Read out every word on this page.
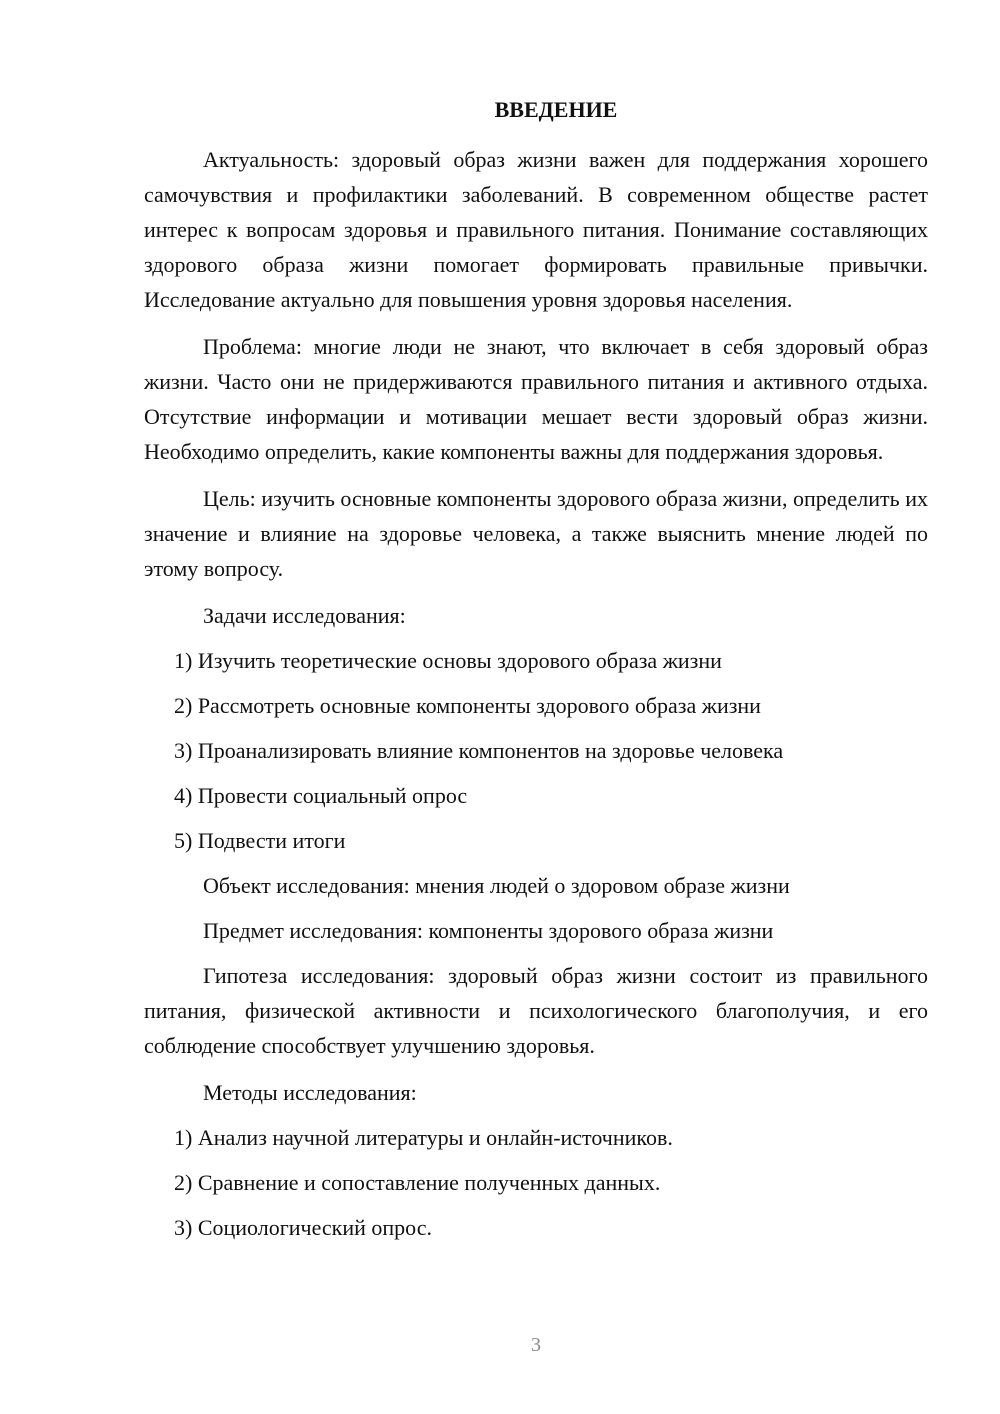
ВВЕДЕНИЕ

Актуальность: здоровый образ жизни важен для поддержания хорошего самочувствия и профилактики заболеваний. В современном обществе растет интерес к вопросам здоровья и правильного питания. Понимание составляющих здорового образа жизни помогает формировать правильные привычки. Исследование актуально для повышения уровня здоровья населения.

Проблема: многие люди не знают, что включает в себя здоровый образ жизни. Часто они не придерживаются правильного питания и активного отдыха. Отсутствие информации и мотивации мешает вести здоровый образ жизни. Необходимо определить, какие компоненты важны для поддержания здоровья.

Цель: изучить основные компоненты здорового образа жизни, определить их значение и влияние на здоровье человека, а также выяснить мнение людей по этому вопросу.

Задачи исследования:
1) Изучить теоретические основы здорового образа жизни
2) Рассмотреть основные компоненты здорового образа жизни
3) Проанализировать влияние компонентов на здоровье человека
4) Провести социальный опрос
5) Подвести итоги
Объект исследования: мнения людей о здоровом образе жизни
Предмет исследования: компоненты здорового образа жизни

Гипотеза исследования: здоровый образ жизни состоит из правильного питания, физической активности и психологического благополучия, и его соблюдение способствует улучшению здоровья.

Методы исследования:
1) Анализ научной литературы и онлайн-источников.
2) Сравнение и сопоставление полученных данных.
3) Социологический опрос.
3
